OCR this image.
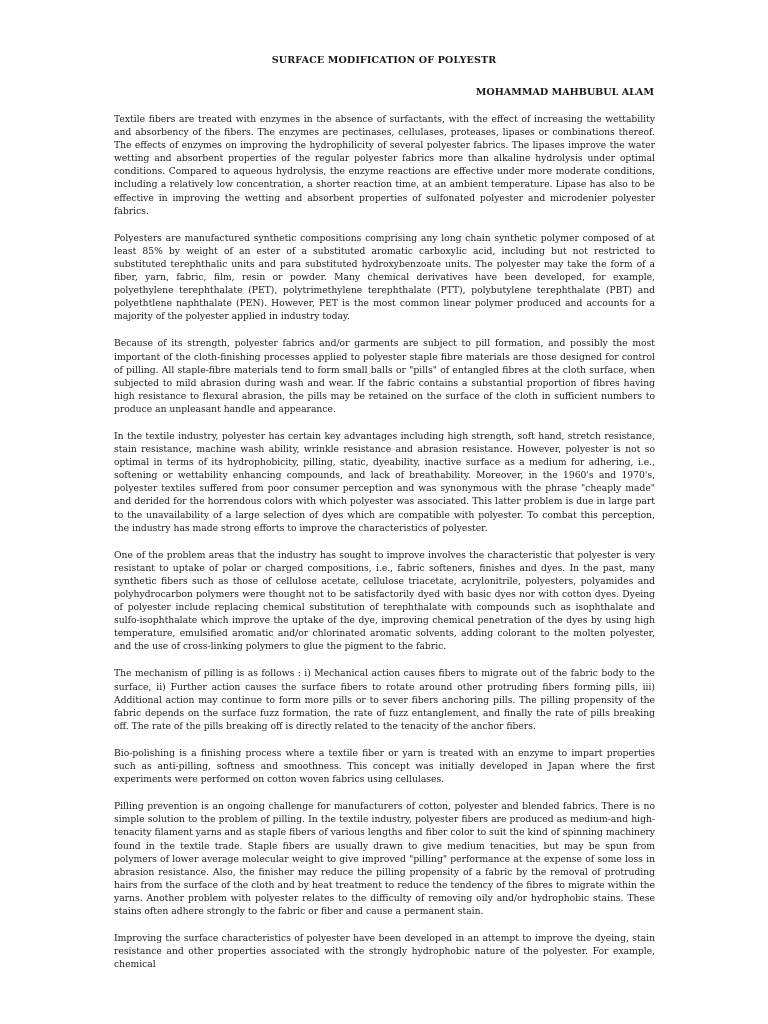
SURFACE MODIFICATION OF POLYESTR
MOHAMMAD MAHBUBUL ALAM

Textile fibers are treated with enzymes in the absence of surfactants, with the effect of increasing the wettability and absorbency of the fibers. The enzymes are pectinases, cellulases, proteases, lipases or combinations thereof. The effects of enzymes on improving the hydrophilicity of several polyester fabrics. The lipases improve the water wetting and absorbent properties of the regular polyester fabrics more than alkaline hydrolysis under optimal conditions. Compared to aqueous hydrolysis, the enzyme reactions are effective under more moderate conditions, including a relatively low concentration, a shorter reaction time, at an ambient temperature. Lipase has also to be effective in improving the wetting and absorbent properties of sulfonated polyester and microdenier polyester fabrics.

Polyesters are manufactured synthetic compositions comprising any long chain synthetic polymer composed of at least 85% by weight of an ester of a substituted aromatic carboxylic acid, including but not restricted to substituted terephthalic units and para substituted hydroxybenzoate units. The polyester may take the form of a fiber, yarn, fabric, film, resin or powder. Many chemical derivatives have been developed, for example, polyethylene terephthalate (PET), polytrimethylene terephthalate (PTT), polybutylene terephthalate (PBT) and polyethtlene naphthalate (PEN). However, PET is the most common linear polymer produced and accounts for a majority of the polyester applied in industry today.

Because of its strength, polyester fabrics and/or garments are subject to pill formation, and possibly the most important of the cloth-finishing processes applied to polyester staple fibre materials are those designed for control of pilling. All staple-fibre materials tend to form small balls or "pills" of entangled fibres at the cloth surface, when subjected to mild abrasion during wash and wear. If the fabric contains a substantial proportion of fibres having high resistance to flexural abrasion, the pills may be retained on the surface of the cloth in sufficient numbers to produce an unpleasant handle and appearance.

In the textile industry, polyester has certain key advantages including high strength, soft hand, stretch resistance, stain resistance, machine wash ability, wrinkle resistance and abrasion resistance. However, polyester is not so optimal in terms of its hydrophobicity, pilling, static, dyeability, inactive surface as a medium for adhering, i.e., softening or wettability enhancing compounds, and lack of breathability. Moreover, in the 1960's and 1970's, polyester textiles suffered from poor consumer perception and was synonymous with the phrase "cheaply made" and derided for the horrendous colors with which polyester was associated. This latter problem is due in large part to the unavailability of a large selection of dyes which are compatible with polyester. To combat this perception, the industry has made strong efforts to improve the characteristics of polyester.

One of the problem areas that the industry has sought to improve involves the characteristic that polyester is very resistant to uptake of polar or charged compositions, i.e., fabric softeners, finishes and dyes. In the past, many synthetic fibers such as those of cellulose acetate, cellulose triacetate, acrylonitrile, polyesters, polyamides and polyhydrocarbon polymers were thought not to be satisfactorily dyed with basic dyes nor with cotton dyes. Dyeing of polyester include replacing chemical substitution of terephthalate with compounds such as isophthalate and sulfo-isophthalate which improve the uptake of the dye, improving chemical penetration of the dyes by using high temperature, emulsified aromatic and/or chlorinated aromatic solvents, adding colorant to the molten polyester, and the use of cross-linking polymers to glue the pigment to the fabric.

The mechanism of pilling is as follows : i) Mechanical action causes fibers to migrate out of the fabric body to the surface, ii) Further action causes the surface fibers to rotate around other protruding fibers forming pills, iii) Additional action may continue to form more pills or to sever fibers anchoring pills. The pilling propensity of the fabric depends on the surface fuzz formation, the rate of fuzz entanglement, and finally the rate of pills breaking off. The rate of the pills breaking off is directly related to the tenacity of the anchor fibers.

Bio-polishing is a finishing process where a textile fiber or yarn is treated with an enzyme to impart properties such as anti-pilling, softness and smoothness. This concept was initially developed in Japan where the first experiments were performed on cotton woven fabrics using cellulases.

Pilling prevention is an ongoing challenge for manufacturers of cotton, polyester and blended fabrics. There is no simple solution to the problem of pilling. In the textile industry, polyester fibers are produced as medium-and high-tenacity filament yarns and as staple fibers of various lengths and fiber color to suit the kind of spinning machinery found in the textile trade. Staple fibers are usually drawn to give medium tenacities, but may be spun from polymers of lower average molecular weight to give improved "pilling" performance at the expense of some loss in abrasion resistance. Also, the finisher may reduce the pilling propensity of a fabric by the removal of protruding hairs from the surface of the cloth and by heat treatment to reduce the tendency of the fibres to migrate within the yarns. Another problem with polyester relates to the difficulty of removing oily and/or hydrophobic stains. These stains often adhere strongly to the fabric or fiber and cause a permanent stain.

Improving the surface characteristics of polyester have been developed in an attempt to improve the dyeing, stain resistance and other properties associated with the strongly hydrophobic nature of the polyester. For example, chemical
